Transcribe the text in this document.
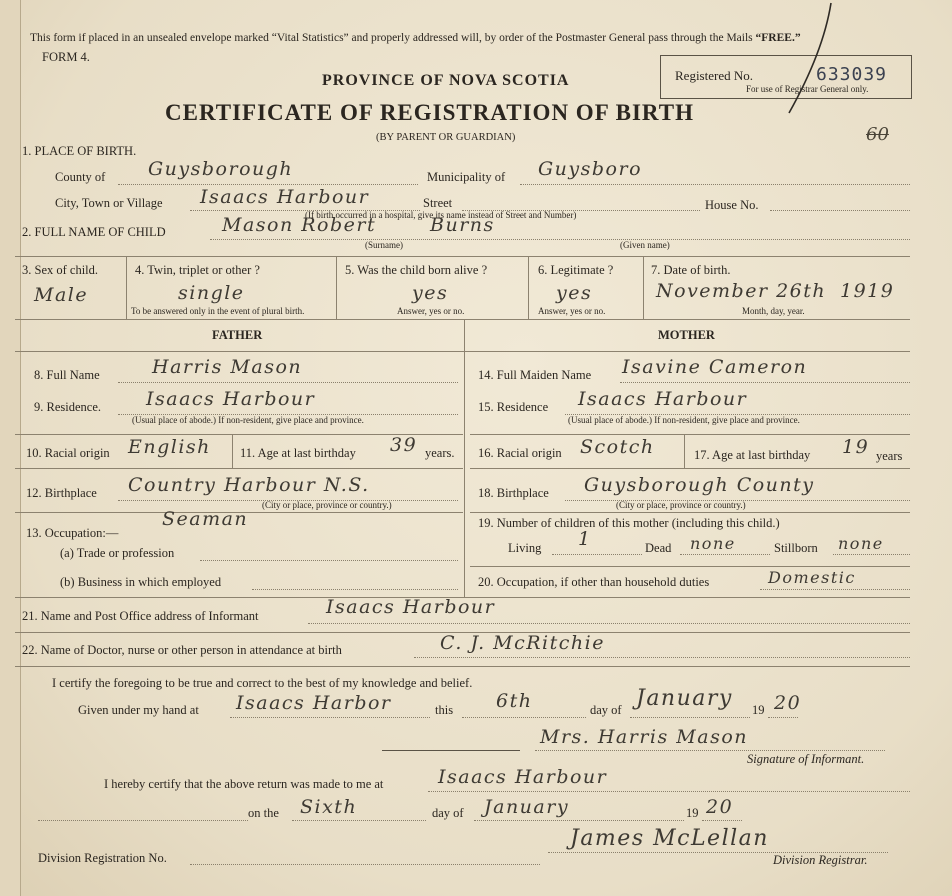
This form if placed in an unsealed envelope marked “Vital Statistics” and properly addressed will, by order of the Postmaster General pass through the Mails “FREE.”
FORM 4.
PROVINCE OF NOVA SCOTIA
CERTIFICATE OF REGISTRATION OF BIRTH
(BY PARENT OR GUARDIAN)
Registered No.	633039
For use of Registrar General only.
60
1. PLACE OF BIRTH.
County of Guysborough	Municipality of Guysboro
City, Town or Village Isaacs Harbour	Street	House No.
(If birth occurred in a hospital, give its name instead of Street and Number)
2. FULL NAME OF CHILD	Mason Robert	Burns
(Surname)	(Given name)
3. Sex of child.
Male
4. Twin, triplet or other ?
single
To be answered only in the event of plural birth.
5. Was the child born alive ?
yes
Answer, yes or no.
6. Legitimate ?
yes
Answer, yes or no.
7. Date of birth.
November 26th 1919
Month, day, year.
FATHER	MOTHER
8. Full Name	Harris Mason
9. Residence. Isaacs Harbour
(Usual place of abode.) If non-resident, give place and province.
10. Racial origin English 11. Age at last birthday 39 years.
12. Birthplace Country Harbour N.S.
(City or place, province or country.)
13. Occupation:—
Seaman
(a) Trade or profession
(b) Business in which employed
14. Full Maiden Name Isavine Cameron
15. Residence Isaacs Harbour
(Usual place of abode.) If non-resident, give place and province.
16. Racial origin Scotch	17. Age at last birthday 19 years
18. Birthplace Guysborough County
(City or place, province or country.)
19. Number of children of this mother (including this child.)
Living 1	Dead none	Stillborn none
20. Occupation, if other than household duties	Domestic
21. Name and Post Office address of Informant	Isaacs Harbour
22. Name of Doctor, nurse or other person in attendance at birth	C. J. McRitchie
I certify the foregoing to be true and correct to the best of my knowledge and belief.
Given under my hand at Isaacs Harbor	this 6th	day of January 19 20
Mrs. Harris Mason
Signature of Informant.
I hereby certify that the above return was made to me at	Isaacs Harbour
on the Sixth	day of January	19 20
Division Registration No.
James McLellan
Division Registrar.
